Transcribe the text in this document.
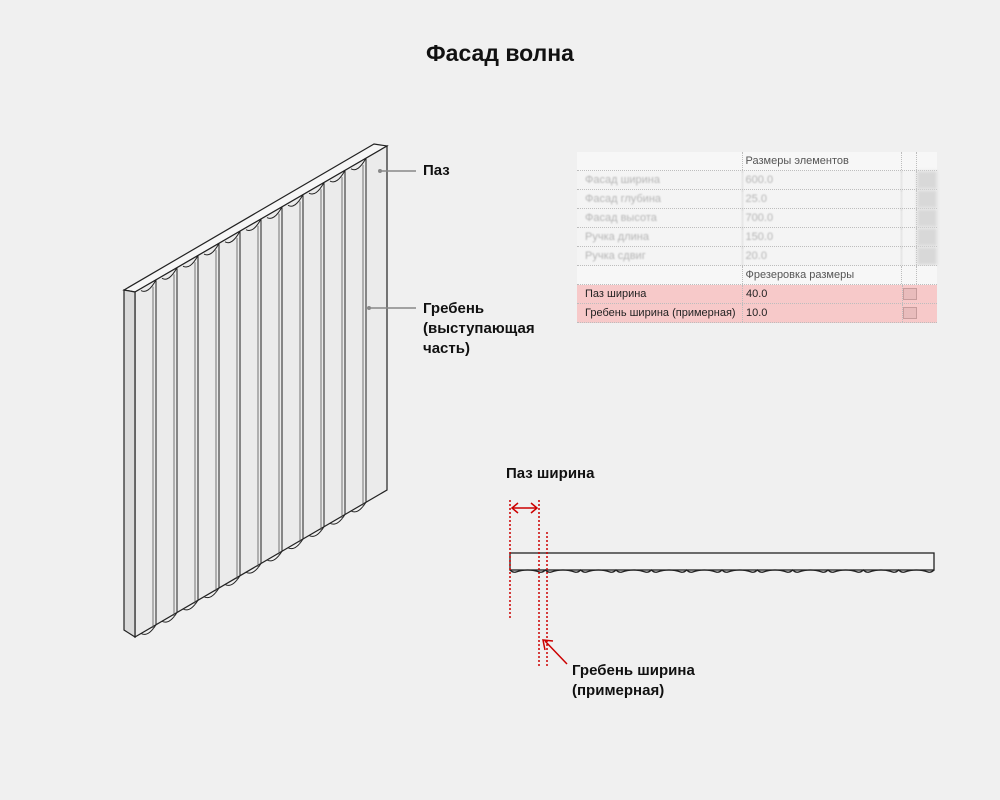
Фасад волна
Паз
Гребень
(выступающая
часть)
Размеры элементов
Фасад ширина	600.0
Фасад глубина	25.0
Фасад высота	700.0
Ручка длина	150.0
Ручка сдвиг	20.0
Фрезеровка размеры
Паз ширина	40.0
Гребень ширина (примерная) 10.0
Паз ширина
Гребень ширина
(примерная)
